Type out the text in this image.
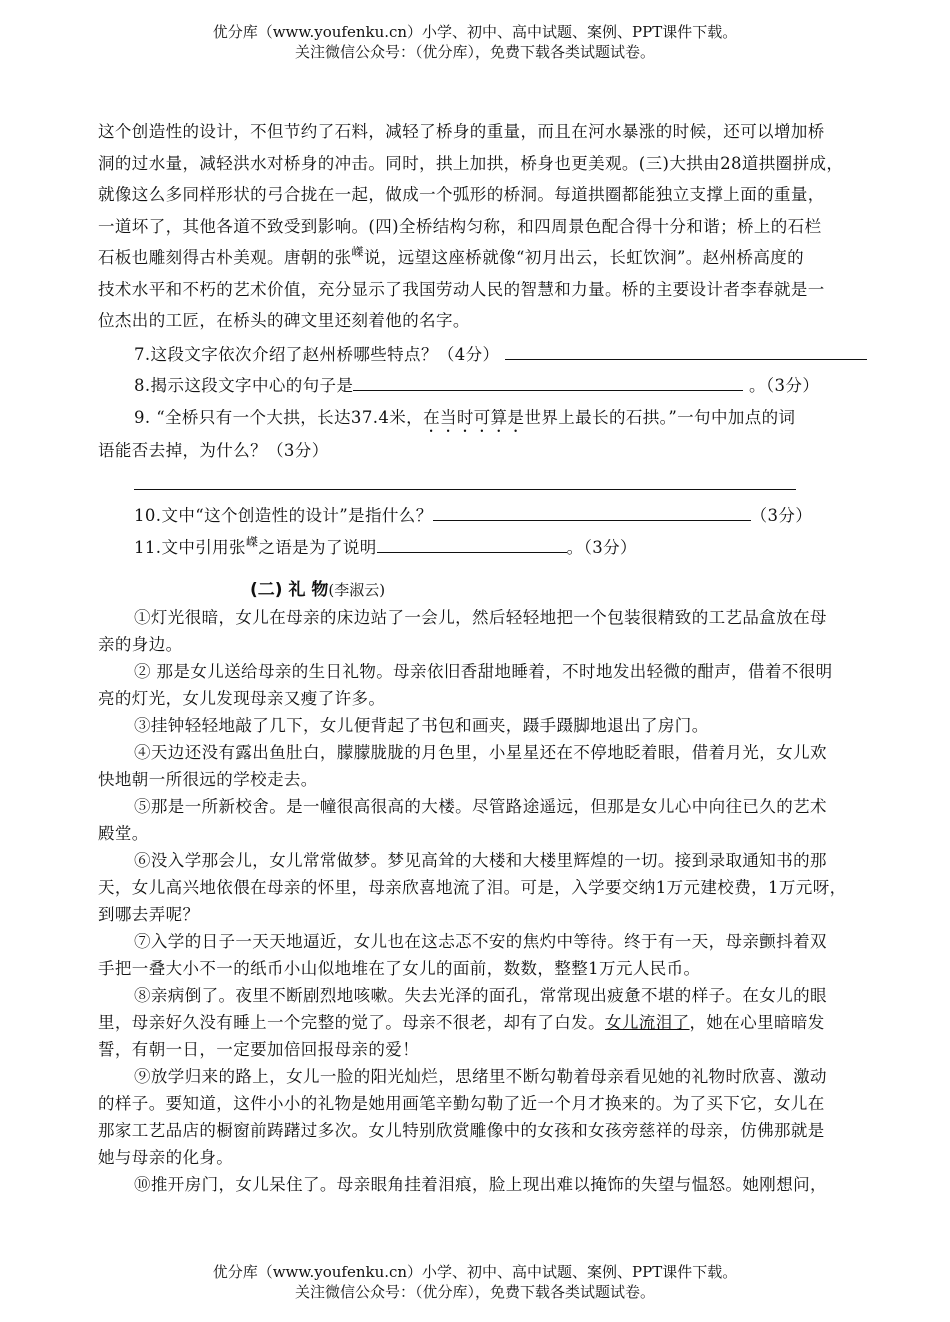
优分库（www.youfenku.cn）小学、初中、高中试题、案例、PPT课件下载。
关注微信公众号：（优分库），免费下载各类试题试卷。
这个创造性的设计，不但节约了石料，减轻了桥身的重量，而且在河水暴涨的时候，还可以增加桥
洞的过水量，减轻洪水对桥身的冲击。同时，拱上加拱，桥身也更美观。(三)大拱由28道拱圈拼成，
就像这么多同样形状的弓合拢在一起，做成一个弧形的桥洞。每道拱圈都能独立支撑上面的重量，
一道坏了，其他各道不致受到影响。(四)全桥结构匀称，和四周景色配合得十分和谐；桥上的石栏
石板也雕刻得古朴美观。唐朝的张$^嵥$说，远望这座桥就像“初月出云，长虹饮涧”。赵州桥高度的
技术水平和不朽的艺术价值，充分显示了我国劳动人民的智慧和力量。桥的主要设计者李春就是一
位杰出的工匠，在桥头的碑文里还刻着他的名字。
7.这段文字依次介绍了赵州桥哪些特点？（4分）
8.揭示这段文字中心的句子是	。（3分）
9. “全桥只有一个大拱，长达37.4米，在当时可算是世界上最长的石拱。”一句中加点的词
语能否去掉，为什么？（3分）
10.文中“这个创造性的设计”是指什么？	（3分）
11.文中引用张$^嵥$之语是为了说明	。（3分）
(二) 礼 物(李淑云)
①灯光很暗，女儿在母亲的床边站了一会儿，然后轻轻地把一个包装很精致的工艺品盒放在母
亲的身边。
② 那是女儿送给母亲的生日礼物。母亲依旧香甜地睡着，不时地发出轻微的酣声，借着不很明
亮的灯光，女儿发现母亲又瘦了许多。
③挂钟轻轻地敲了几下，女儿便背起了书包和画夹，蹑手蹑脚地退出了房门。
④天边还没有露出鱼肚白，朦朦胧胧的月色里，小星星还在不停地眨着眼，借着月光，女儿欢
快地朝一所很远的学校走去。
⑤那是一所新校舍。是一幢很高很高的大楼。尽管路途遥远，但那是女儿心中向往已久的艺术
殿堂。
⑥没入学那会儿，女儿常常做梦。梦见高耸的大楼和大楼里辉煌的一切。接到录取通知书的那
天，女儿高兴地依偎在母亲的怀里，母亲欣喜地流了泪。可是，入学要交纳1万元建校费，1万元呀，
到哪去弄呢？
⑦入学的日子一天天地逼近，女儿也在这忐忑不安的焦灼中等待。终于有一天，母亲颤抖着双
手把一叠大小不一的纸币小山似地堆在了女儿的面前，数数，整整1万元人民币。
⑧亲病倒了。夜里不断剧烈地咳嗽。失去光泽的面孔，常常现出疲惫不堪的样子。在女儿的眼
里，母亲好久没有睡上一个完整的觉了。母亲不很老，却有了白发。女儿流泪了，她在心里暗暗发
誓，有朝一日，一定要加倍回报母亲的爱！
⑨放学归来的路上，女儿一脸的阳光灿烂，思绪里不断勾勒着母亲看见她的礼物时欣喜、激动
的样子。要知道，这件小小的礼物是她用画笔辛勤勾勒了近一个月才换来的。为了买下它，女儿在
那家工艺品店的橱窗前踌躇过多次。女儿特别欣赏雕像中的女孩和女孩旁慈祥的母亲，仿佛那就是
她与母亲的化身。
⑩推开房门，女儿呆住了。母亲眼角挂着泪痕，脸上现出难以掩饰的失望与愠怒。她刚想问，
优分库（www.youfenku.cn）小学、初中、高中试题、案例、PPT课件下载。
关注微信公众号：（优分库），免费下载各类试题试卷。
